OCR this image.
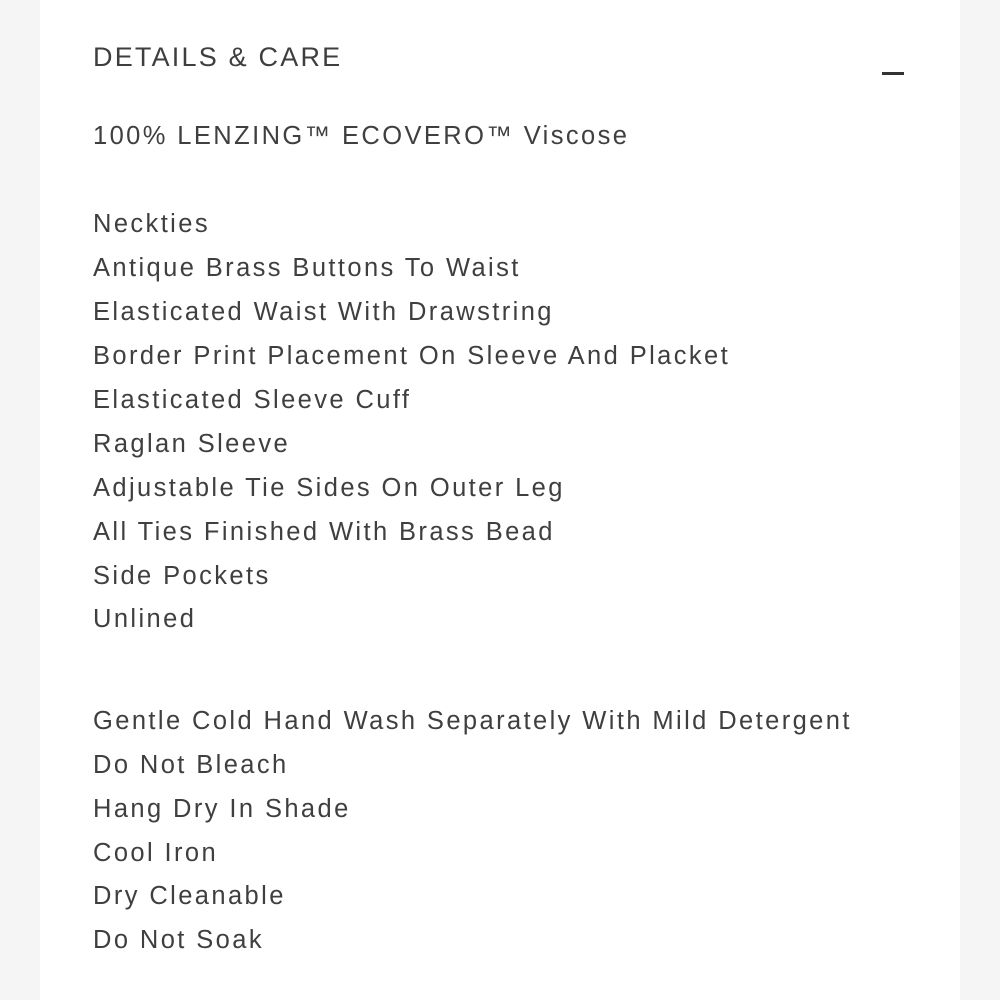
DETAILS & CARE
100% LENZING™ ECOVERO™ Viscose
Neckties
Antique Brass Buttons To Waist
Elasticated Waist With Drawstring
Border Print Placement On Sleeve And Placket
Elasticated Sleeve Cuff
Raglan Sleeve
Adjustable Tie Sides On Outer Leg
All Ties Finished With Brass Bead
Side Pockets
Unlined
Gentle Cold Hand Wash Separately With Mild Detergent
Do Not Bleach
Hang Dry In Shade
Cool Iron
Dry Cleanable
Do Not Soak
